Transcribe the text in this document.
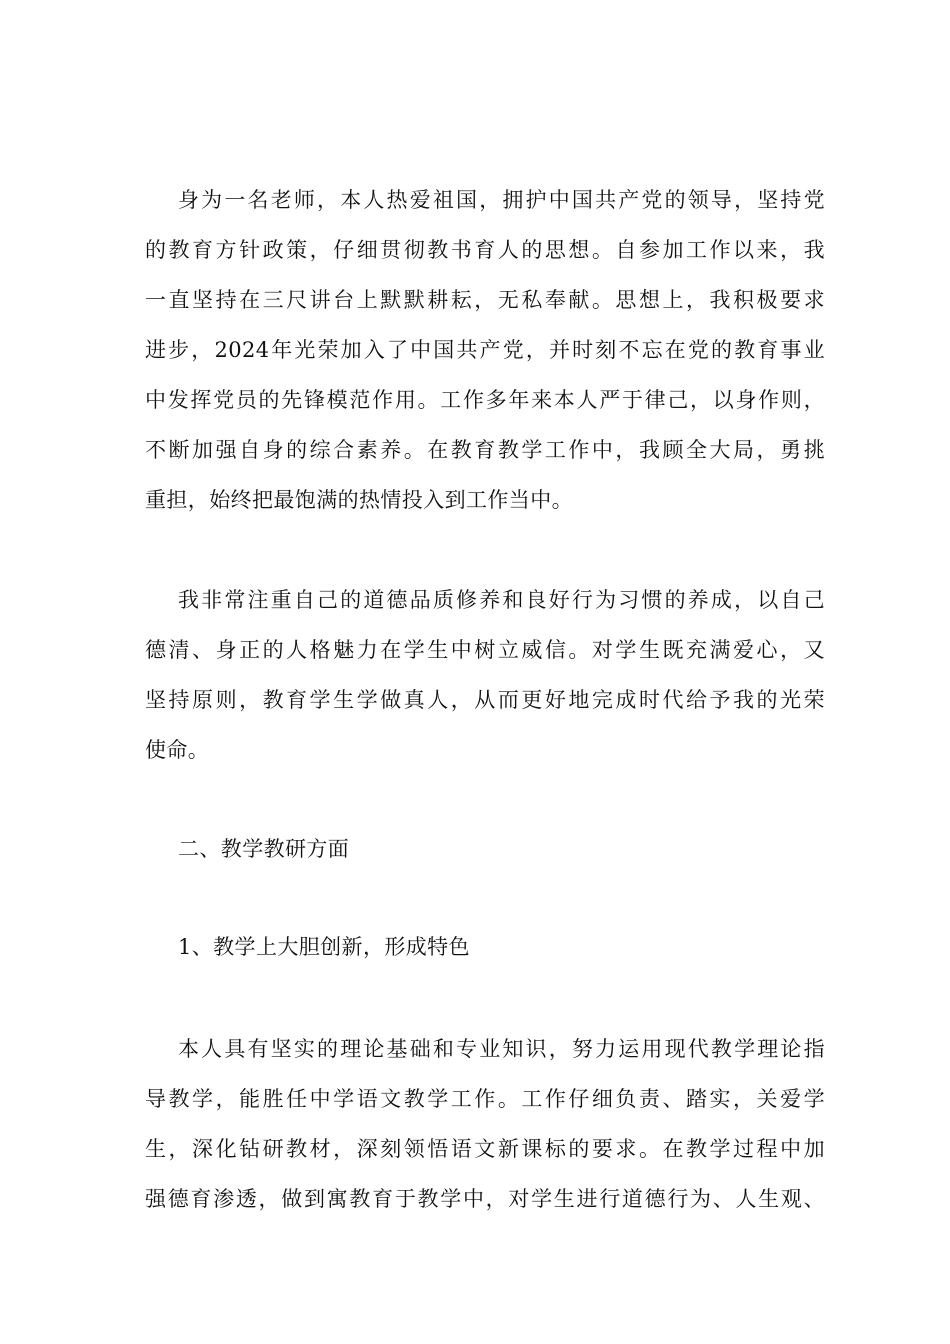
身为一名老师，本人热爱祖国，拥护中国共产党的领导，坚持党
的教育方针政策，仔细贯彻教书育人的思想。自参加工作以来，我
一直坚持在三尺讲台上默默耕耘，无私奉献。思想上，我积极要求
进步，2024年光荣加入了中国共产党，并时刻不忘在党的教育事业
中发挥党员的先锋模范作用。工作多年来本人严于律己，以身作则，
不断加强自身的综合素养。在教育教学工作中，我顾全大局，勇挑
重担，始终把最饱满的热情投入到工作当中。
我非常注重自己的道德品质修养和良好行为习惯的养成，以自己
德清、身正的人格魅力在学生中树立威信。对学生既充满爱心，又
坚持原则，教育学生学做真人，从而更好地完成时代给予我的光荣
使命。
二、教学教研方面
1、教学上大胆创新，形成特色
本人具有坚实的理论基础和专业知识，努力运用现代教学理论指
导教学，能胜任中学语文教学工作。工作仔细负责、踏实，关爱学
生，深化钻研教材，深刻领悟语文新课标的要求。在教学过程中加
强德育渗透，做到寓教育于教学中，对学生进行道德行为、人生观、
